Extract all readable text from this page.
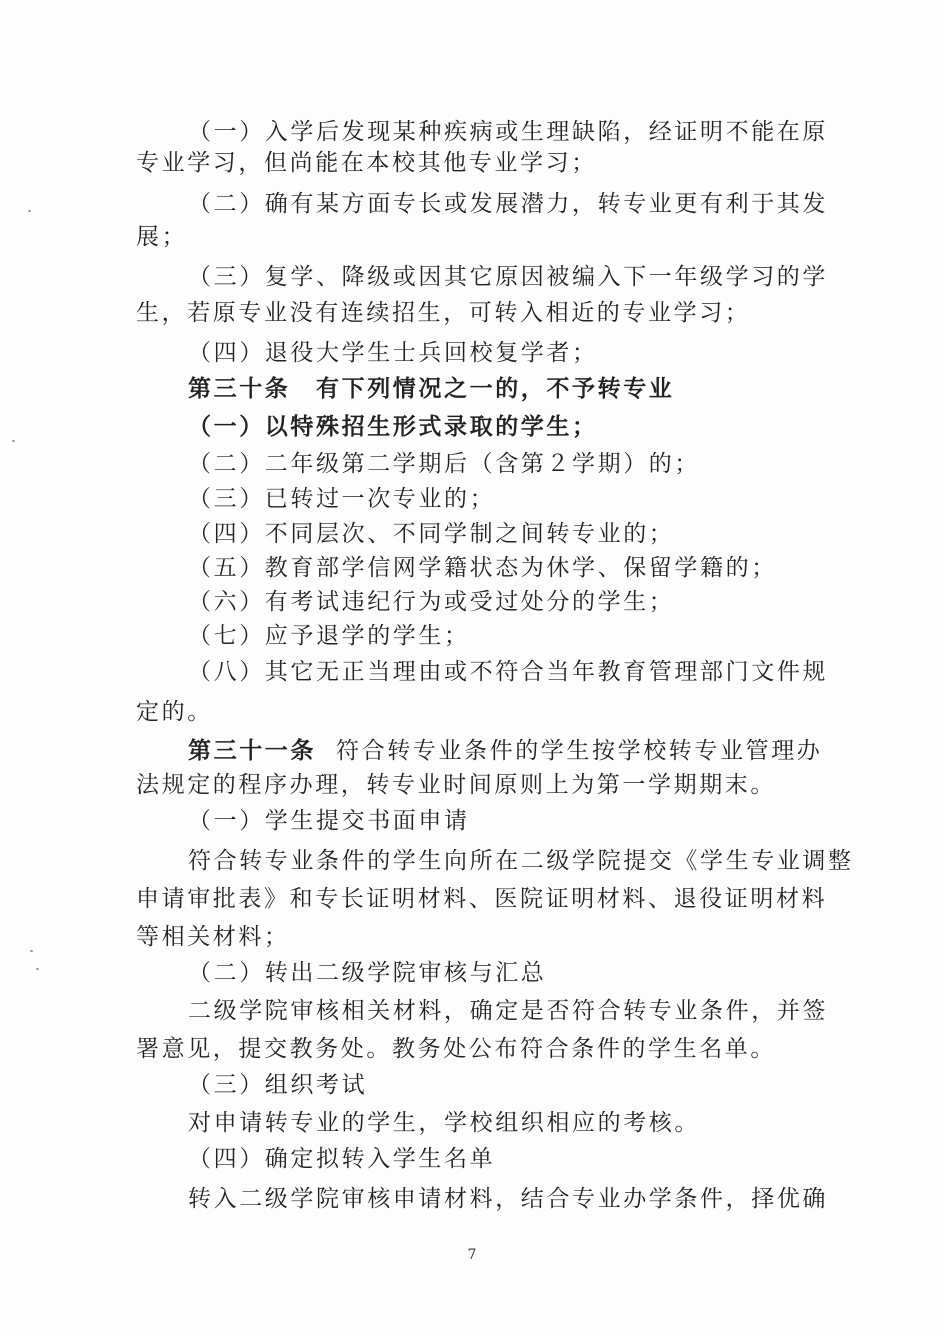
（一）入学后发现某种疾病或生理缺陷，经证明不能在原
专业学习，但尚能在本校其他专业学习；
（二）确有某方面专长或发展潜力，转专业更有利于其发
展；
（三）复学、降级或因其它原因被编入下一年级学习的学
生，若原专业没有连续招生，可转入相近的专业学习；
（四）退役大学生士兵回校复学者；
第三十条　有下列情况之一的，不予转专业
（一）以特殊招生形式录取的学生；
（二）二年级第二学期后（含第２学期）的；
（三）已转过一次专业的；
（四）不同层次、不同学制之间转专业的；
（五）教育部学信网学籍状态为休学、保留学籍的；
（六）有考试违纪行为或受过处分的学生；
（七）应予退学的学生；
（八）其它无正当理由或不符合当年教育管理部门文件规
定的。
第三十一条 符合转专业条件的学生按学校转专业管理办
法规定的程序办理，转专业时间原则上为第一学期期末。
（一）学生提交书面申请
符合转专业条件的学生向所在二级学院提交《学生专业调整
申请审批表》和专长证明材料、医院证明材料、退役证明材料
等相关材料；
（二）转出二级学院审核与汇总
二级学院审核相关材料，确定是否符合转专业条件，并签
署意见，提交教务处。教务处公布符合条件的学生名单。
（三）组织考试
对申请转专业的学生，学校组织相应的考核。
（四）确定拟转入学生名单
转入二级学院审核申请材料，结合专业办学条件，择优确
7
